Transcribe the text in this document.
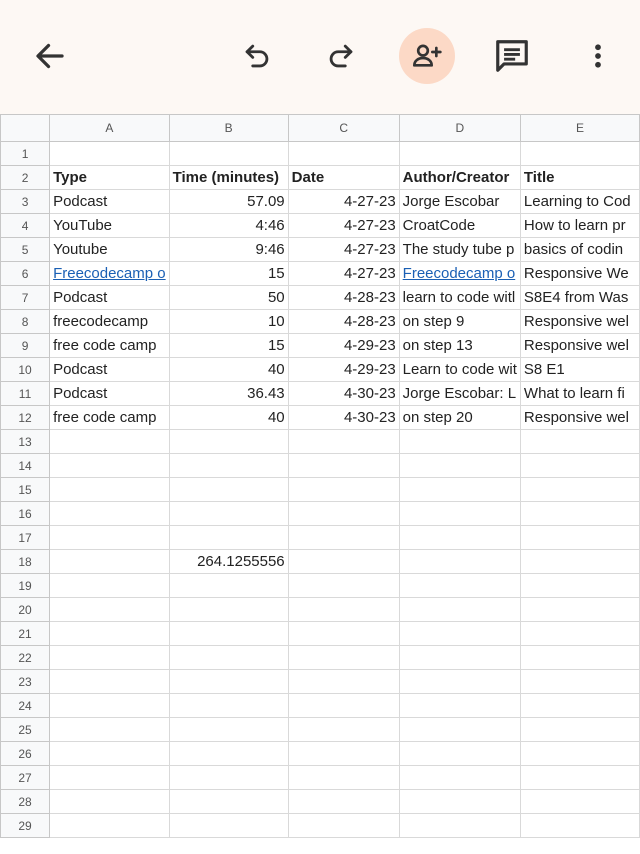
	A	B	C	D	E
1					
2	Type	Time (minutes)	Date	Author/Creator	Title
3	Podcast	57.09	4-27-23	Jorge Escobar	Learning to Cod
4	YouTube	4:46	4-27-23	CroatCode	How to learn pr
5	Youtube	9:46	4-27-23	The study tube p	basics of codin
6	Freecodecamp o	15	4-27-23	Freecodecamp o	Responsive We
7	Podcast	50	4-28-23	learn to code witl	S8E4 from Was
8	freecodecamp	10	4-28-23	on step 9	Responsive wel
9	free code camp	15	4-29-23	on step 13	Responsive wel
10	Podcast	40	4-29-23	Learn to code wit	S8 E1
11	Podcast	36.43	4-30-23	Jorge Escobar: L	What to learn fi
12	free code camp	40	4-30-23	on step 20	Responsive wel
13					
14					
15					
16					
17					
18		264.1255556			
19					
20					
21					
22					
23					
24					
25					
26					
27					
28					
29					
